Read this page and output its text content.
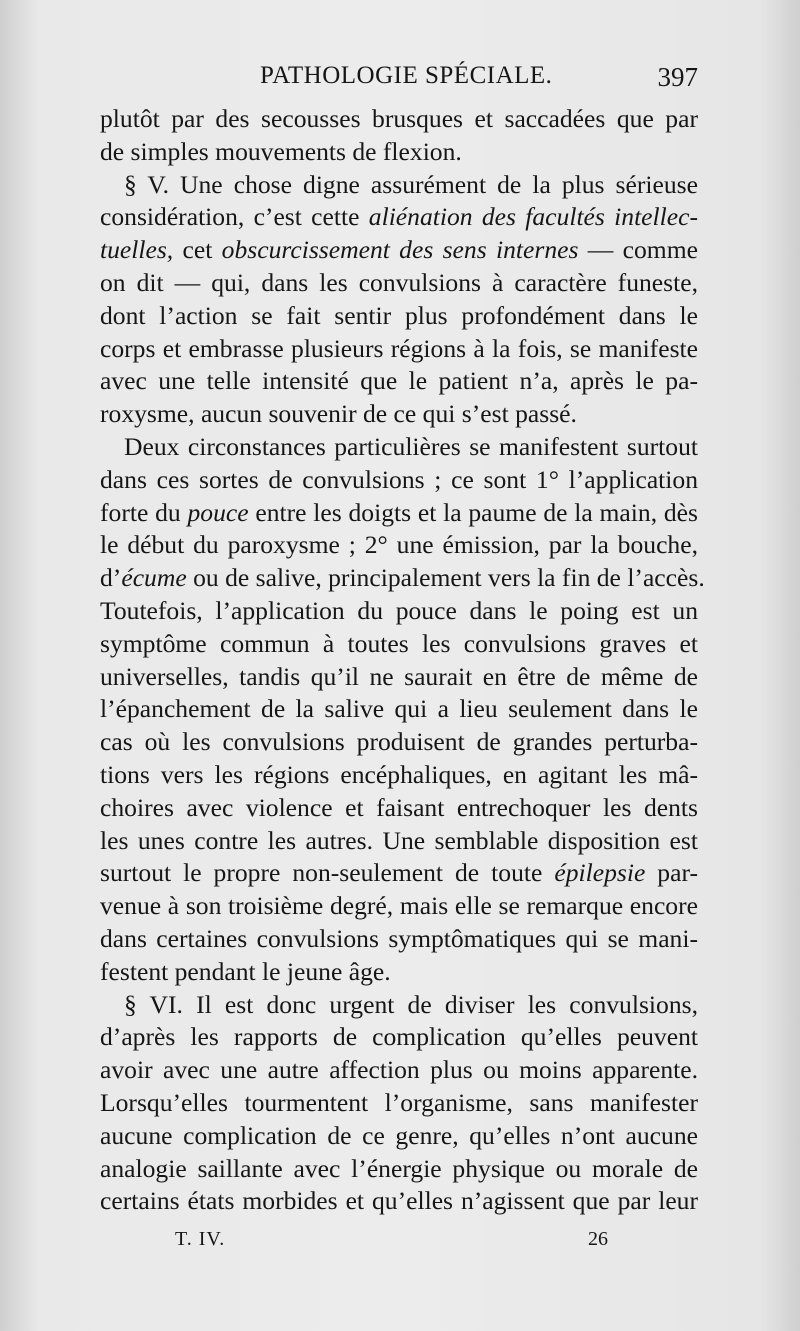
PATHOLOGIE SPÉCIALE.	397
plutôt par des secousses brusques et saccadées que par
de simples mouvements de flexion.
§ V. Une chose digne assurément de la plus sérieuse
considération, c’est cette aliénation des facultés intellec-
tuelles, cet obscurcissement des sens internes — comme
on dit — qui, dans les convulsions à caractère funeste,
dont l’action se fait sentir plus profondément dans le
corps et embrasse plusieurs régions à la fois, se manifeste
avec une telle intensité que le patient n’a, après le pa-
roxysme, aucun souvenir de ce qui s’est passé.
Deux circonstances particulières se manifestent surtout
dans ces sortes de convulsions ; ce sont 1° l’application
forte du pouce entre les doigts et la paume de la main, dès
le début du paroxysme ; 2° une émission, par la bouche,
d’écume ou de salive, principalement vers la fin de l’accès.
Toutefois, l’application du pouce dans le poing est un
symptôme commun à toutes les convulsions graves et
universelles, tandis qu’il ne saurait en être de même de
l’épanchement de la salive qui a lieu seulement dans le
cas où les convulsions produisent de grandes perturba-
tions vers les régions encéphaliques, en agitant les mâ-
choires avec violence et faisant entrechoquer les dents
les unes contre les autres. Une semblable disposition est
surtout le propre non-seulement de toute épilepsie par-
venue à son troisième degré, mais elle se remarque encore
dans certaines convulsions symptômatiques qui se mani-
festent pendant le jeune âge.
§ VI. Il est donc urgent de diviser les convulsions,
d’après les rapports de complication qu’elles peuvent
avoir avec une autre affection plus ou moins apparente.
Lorsqu’elles tourmentent l’organisme, sans manifester
aucune complication de ce genre, qu’elles n’ont aucune
analogie saillante avec l’énergie physique ou morale de
certains états morbides et qu’elles n’agissent que par leur
T. IV.	26
